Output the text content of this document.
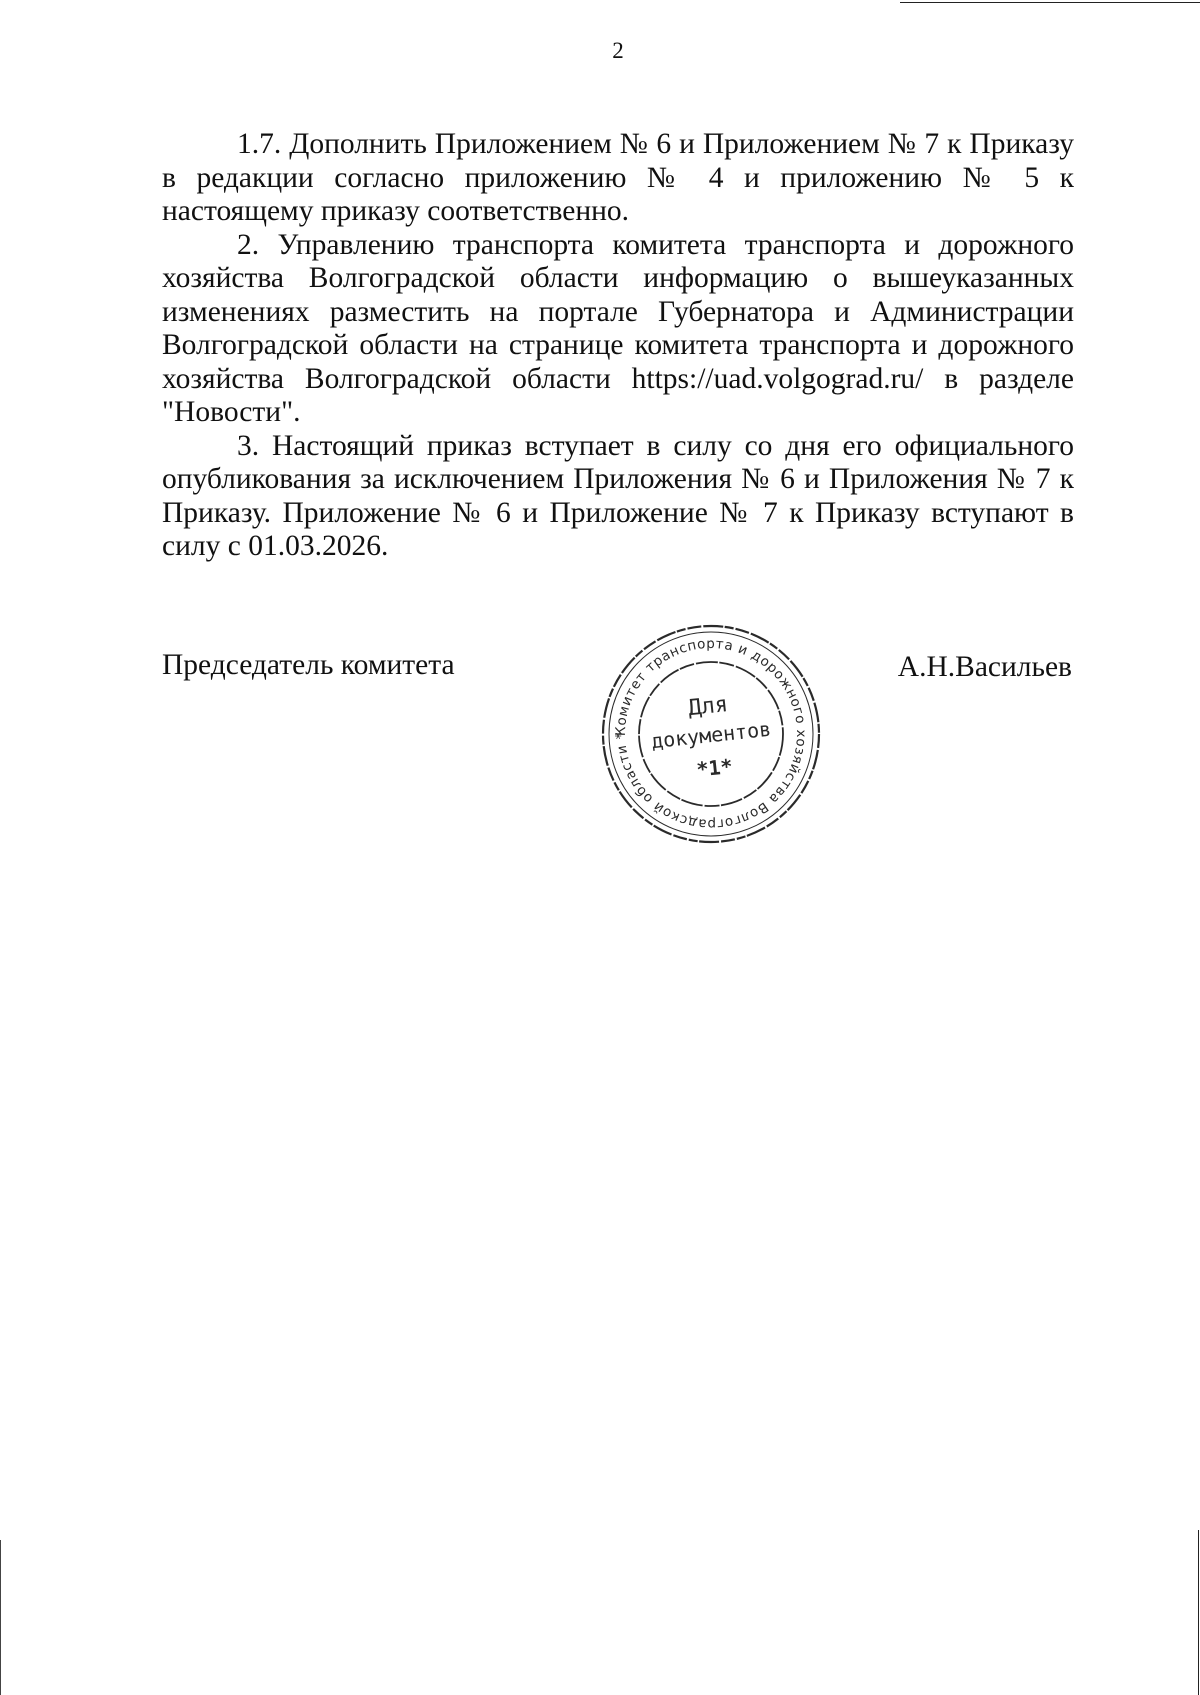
2

1.7. Дополнить Приложением № 6 и Приложением № 7 к Приказу в редакции согласно приложению № 4 и приложению № 5 к настоящему приказу соответственно.

2. Управлению транспорта комитета транспорта и дорожного хозяйства Волгоградской области информацию о вышеуказанных изменениях разместить на портале Губернатора и Администрации Волгоградской области на странице комитета транспорта и дорожного хозяйства Волгоградской области https://uad.volgograd.ru/ в разделе "Новости".

3. Настоящий приказ вступает в силу со дня его официального опубликования за исключением Приложения № 6 и Приложения № 7 к Приказу. Приложение № 6 и Приложение № 7 к Приказу вступают в силу с 01.03.2026.

Председатель комитета
Комитет транспорта и дорожного хозяйства Волгоградской области *
Для
документов
*1*
А.Н.Васильев
